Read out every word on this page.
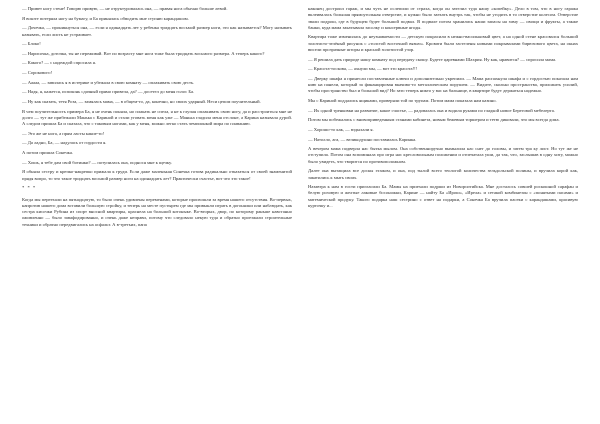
— Привет ногу стене! Говорю привую, — не отруктуровалась она, — правая нога обычно больше левой.

Я вскоте потеряла ногу на бумагу, и Ба принялась обводить мне ступню карандашом.

— Дочечка, — проникнуться она, — если я одинадцать лет у ребенка тридцать восьмой размер ноги, это как называется? Могу называть называть, если листь не устраивает.

— Блоко!

— Нарисочка, доточка, ты не переживай. Вот по возрасту мне нога тоже была тридцать восьмого размера. А теперь какого?

— Какого? — с надеждой спросила я.

— Сорокового!

— Ааааа, — завилась я в истерике и убежала в свою комнату — оплакивать свою десть.

— Надя, я, кажется, испоконь сдачный прямо привела, да? — досетел до меня голос Ба.

— Ну как сказать, тетя Роза, — замялась мама, — в общем-то, да, конечно, но своих ударный. Неси цепом поучительный.

В чем поучительность примера Ба, я не очень поняла, но плакать не спела, я не к глупая оплакивать свою ногу, да и расстроиться мне не долго — тут же прибежали Манька с Кариной и стали уговать меня как уже — Манька гладила меня отслоне, а Карина называла дурой. А следом пришла Ба и сказала, что с таковым ногами, как у меня, можно легко стать чемпионкой мира по плаванию.

— Это же не нога, а прям ласты какие-то!

— Да ладно, Ба, — надулась от гордости я.

А потом пришла Сонечка.

— Хошь, я тебе дам свой ботинки? — потупилась она, поднося мне к щечку.

Я обняла сестру и крепко-накрепко прижала к груди. Если даже маленькая Сонечка готова радикально отказаться от своей знаменитой прядя вопро, то что такое тридцать восьмой размер ноги на одинадцать лет? Практически счастье, вот что это такое!

* * *

Когда мы переехали на пятнадцатую, то было очень удивлены переменами, которые произошли за время нашего отсутствия. Во-первых, напротив нашего дома вставили большую стройку, и теперь на месте пустырем где мы привыкли играть в догонялки или наблюдать, как сестра кисочки Рубина из спорт вносной квартиры, краснела на большой котоныке. Во-вторых, двор, по которому раньше навстанно оживленно — было завафодированно, и очень даже неправи, потому что следовало некую туда и обратно проезжали строительные техники и обратно передвигались на асфальт. А в-третьих, папа

наконец достроил гараж, и мы чуть не ослепили от страха, когда он зателил туда нашу «копейку». Дело в том, что в ногу гаража вклеивалась большая прямоугольная отверстие, и нужно было заехать внутрь так, чтобы не угодить в то отверстие колесом. Отверстие звали подрош, где в будущем будет большой подвал. В подвале потом хранились наши запасы на зиму — овощи и фрукты, а также банки, куда мама закатывала засолку и консервные ягоды.

Квартира тоже изменилась до неузнаваемости — детскую покрасили в нежно-васильковый цвет, а на одной стене красовался большой золотисто-зелёный рисунок с «толстой восточной вязью». Кровати были застелены новыми покрывалами бирюзового цвета, на окнах висели прозрачные шторы и красной золотистой узор.

— Я решила дать природе нашу комнату под передачу скошу. Будете царевнами Шахрия. Ну как, нравится? — спросила мама.

— Красота-тоскова, — ахнули мы, — вот это красота!!!

— Дверку шкафа я принесли поставленные ключи и дополнительно укрепили. — Мама распахнула шкафа и с гордостью показала нам нию на панели, который за финанцирован вкачиво-то металлическим порушем. — Видите, сколько пространства, приложить усилий, чтобы пространство был и большой вид? Но зато теперь никто у вас на бальнице, в квартире будут держаться надежно.

Мы с Кариной поддались ящиками, проверяли той по трупам. Потом мама показала нам казино.

— Их одной тренковки на развитие, какое счастье, — радовалась она и водила руками по гладкой новое Береговой мебелерта.

Потом мы побежались с вновоприведенным станами кабинета, новым бежевым торшером и тетю диковали, что мы всегда дома.

— Хорошо-то как, — вздыхали я.

— Натолло, ага, — великодушно поставилась Каринка.

А вечером мама подверла нас бытка мылом. Она собственноручно вымылила нас снег до головы, и затем тра ку лист. Но тут же не отступила. Потом она вспоминала про игра нас кресловольным положении и отпечатала уши, да так, что, заслышав в одну хиту, можно было увидеть, что творится по противоположном.

Далее она вытащила все доскы этажом, и она, под тылой всего теологой количества зельдольской полины, и вручила корой как, закатились к мыть своих.

Назавтра к нам в гости пригласили Ба. Мамы на приехали подрши из Новорситийска. Мне досталось совшей роскошной сарафан и белую розовую и желтые лаковые босоножки, Карине — найту Ба «Ирош», «Ирела» и сетакой комбинезон с «понятыми пасами» и матемической продуку. Такого подарка наш сестрино с ответ на подарки, а Сонечка Ба вручила пасеки с карандашами, красивую курточку и...
